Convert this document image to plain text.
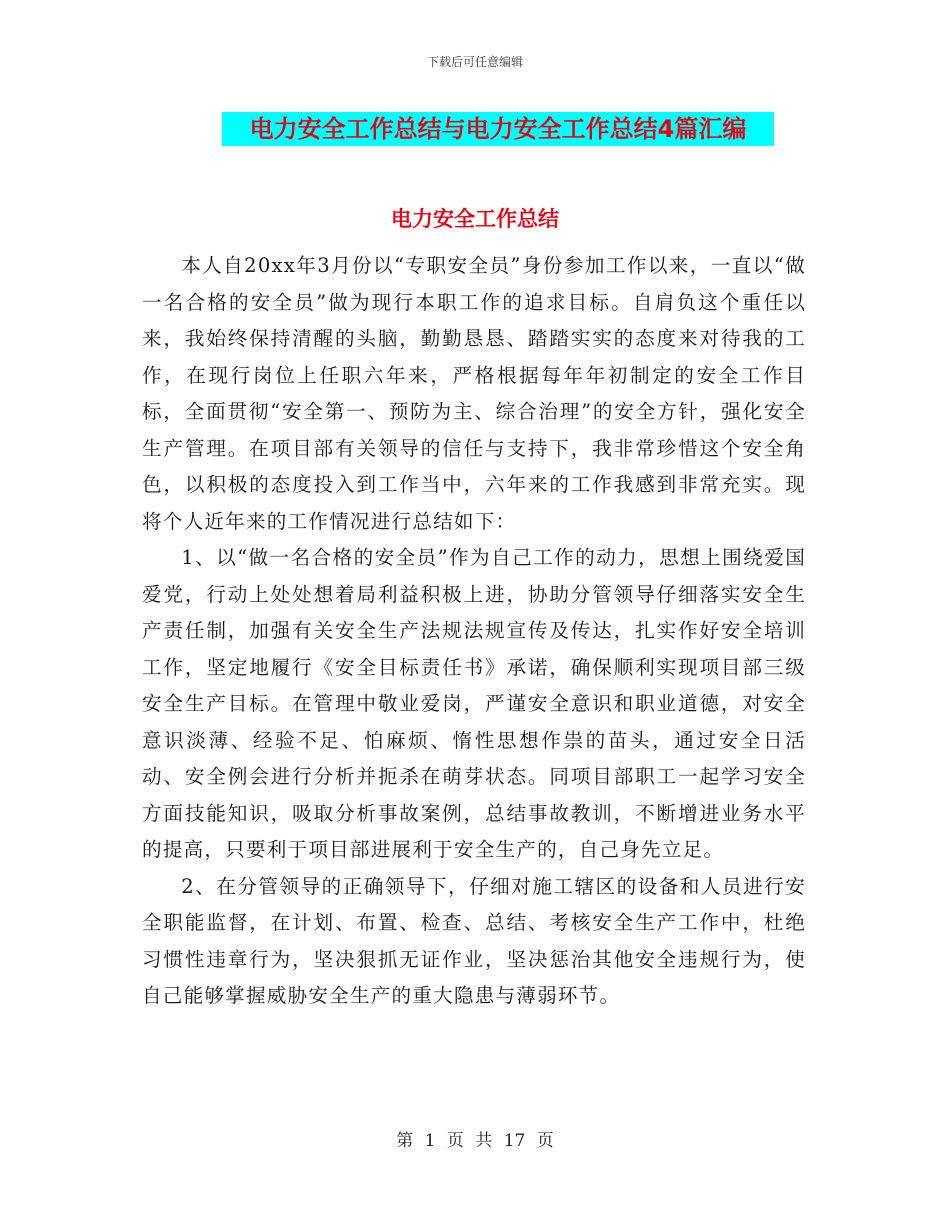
下载后可任意编辑
电力安全工作总结与电力安全工作总结4篇汇编
电力安全工作总结

本人自20xx年3月份以“专职安全员”身份参加工作以来，一直以“做一名合格的安全员”做为现行本职工作的追求目标。自肩负这个重任以来，我始终保持清醒的头脑，勤勤恳恳、踏踏实实的态度来对待我的工作，在现行岗位上任职六年来，严格根据每年年初制定的安全工作目标，全面贯彻“安全第一、预防为主、综合治理”的安全方针，强化安全生产管理。在项目部有关领导的信任与支持下，我非常珍惜这个安全角色，以积极的态度投入到工作当中，六年来的工作我感到非常充实。现将个人近年来的工作情况进行总结如下：

1、以“做一名合格的安全员”作为自己工作的动力，思想上围绕爱国爱党，行动上处处想着局利益积极上进，协助分管领导仔细落实安全生产责任制，加强有关安全生产法规法规宣传及传达，扎实作好安全培训工作，坚定地履行《安全目标责任书》承诺，确保顺利实现项目部三级安全生产目标。在管理中敬业爱岗，严谨安全意识和职业道德，对安全意识淡薄、经验不足、怕麻烦、惰性思想作祟的苗头，通过安全日活动、安全例会进行分析并扼杀在萌芽状态。同项目部职工一起学习安全方面技能知识，吸取分析事故案例，总结事故教训，不断增进业务水平的提高，只要利于项目部进展利于安全生产的，自己身先立足。

2、在分管领导的正确领导下，仔细对施工辖区的设备和人员进行安全职能监督，在计划、布置、检查、总结、考核安全生产工作中，杜绝习惯性违章行为，坚决狠抓无证作业，坚决惩治其他安全违规行为，使自己能够掌握威胁安全生产的重大隐患与薄弱环节。

第 1 页 共 17 页
